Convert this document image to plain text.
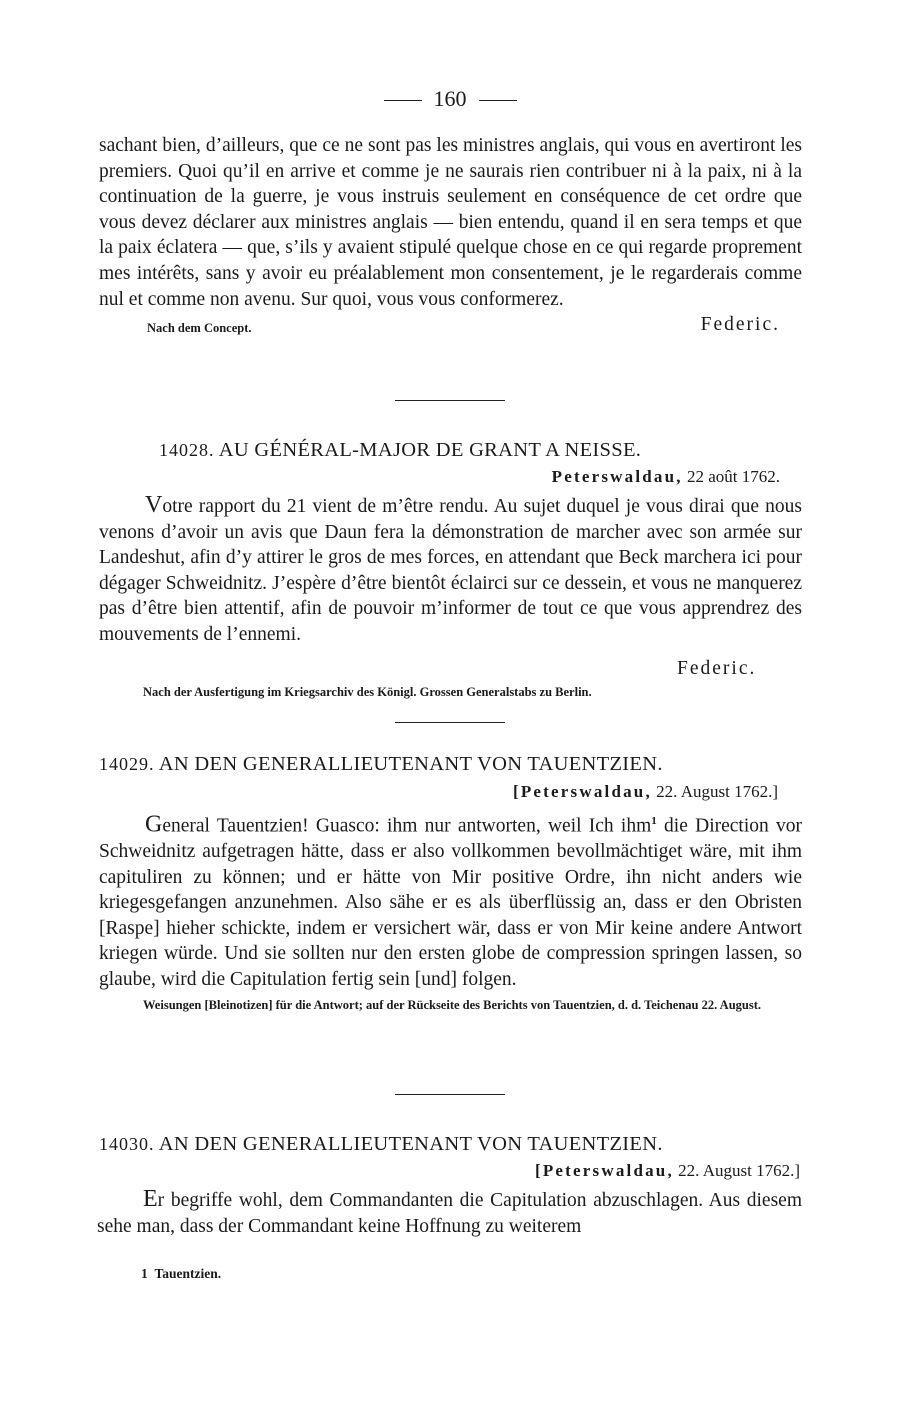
160

sachant bien, d’ailleurs, que ce ne sont pas les ministres anglais, qui vous en avertiront les premiers. Quoi qu’il en arrive et comme je ne saurais rien contribuer ni à la paix, ni à la continuation de la guerre, je vous instruis seulement en conséquence de cet ordre que vous devez déclarer aux ministres anglais — bien entendu, quand il en sera temps et que la paix éclatera — que, s’ils y avaient stipulé quelque chose en ce qui regarde proprement mes intérêts, sans y avoir eu préalablement mon consentement, je le regarderais comme nul et comme non avenu. Sur quoi, vous vous conformerez.

Nach dem Concept.	Federic.
14028. AU GÉNÉRAL-MAJOR DE GRANT A NEISSE.
Peterswaldau, 22 août 1762.

Votre rapport du 21 vient de m’être rendu. Au sujet duquel je vous dirai que nous venons d’avoir un avis que Daun fera la démonstration de marcher avec son armée sur Landeshut, afin d’y attirer le gros de mes forces, en attendant que Beck marchera ici pour dégager Schweidnitz. J’espère d’être bientôt éclairci sur ce dessein, et vous ne manquerez pas d’être bien attentif, afin de pouvoir m’informer de tout ce que vous apprendrez des mouvements de l’ennemi.

Federic.
Nach der Ausfertigung im Kriegsarchiv des Königl. Grossen Generalstabs zu Berlin.
14029. AN DEN GENERALLIEUTENANT VON TAUENTZIEN.
[Peterswaldau, 22. August 1762.]

General Tauentzien! Guasco: ihm nur antworten, weil Ich ihm$^1$ die Direction vor Schweidnitz aufgetragen hätte, dass er also vollkommen bevollmächtiget wäre, mit ihm capituliren zu können; und er hätte von Mir positive Ordre, ihn nicht anders wie kriegesgefangen anzunehmen. Also sähe er es als überflüssig an, dass er den Obristen [Raspe] hieher schickte, indem er versichert wär, dass er von Mir keine andere Antwort kriegen würde. Und sie sollten nur den ersten globe de compression springen lassen, so glaube, wird die Capitulation fertig sein [und] folgen.

Weisungen [Bleinotizen] für die Antwort; auf der Rückseite des Berichts von Tauentzien, d. d. Teichenau 22. August.

14030. AN DEN GENERALLIEUTENANT VON TAUENTZIEN.
[Peterswaldau, 22. August 1762.]

Er begriffe wohl, dem Commandanten die Capitulation abzuschlagen. Aus diesem sehe man, dass der Commandant keine Hoffnung zu weiterem

1 Tauentzien.
